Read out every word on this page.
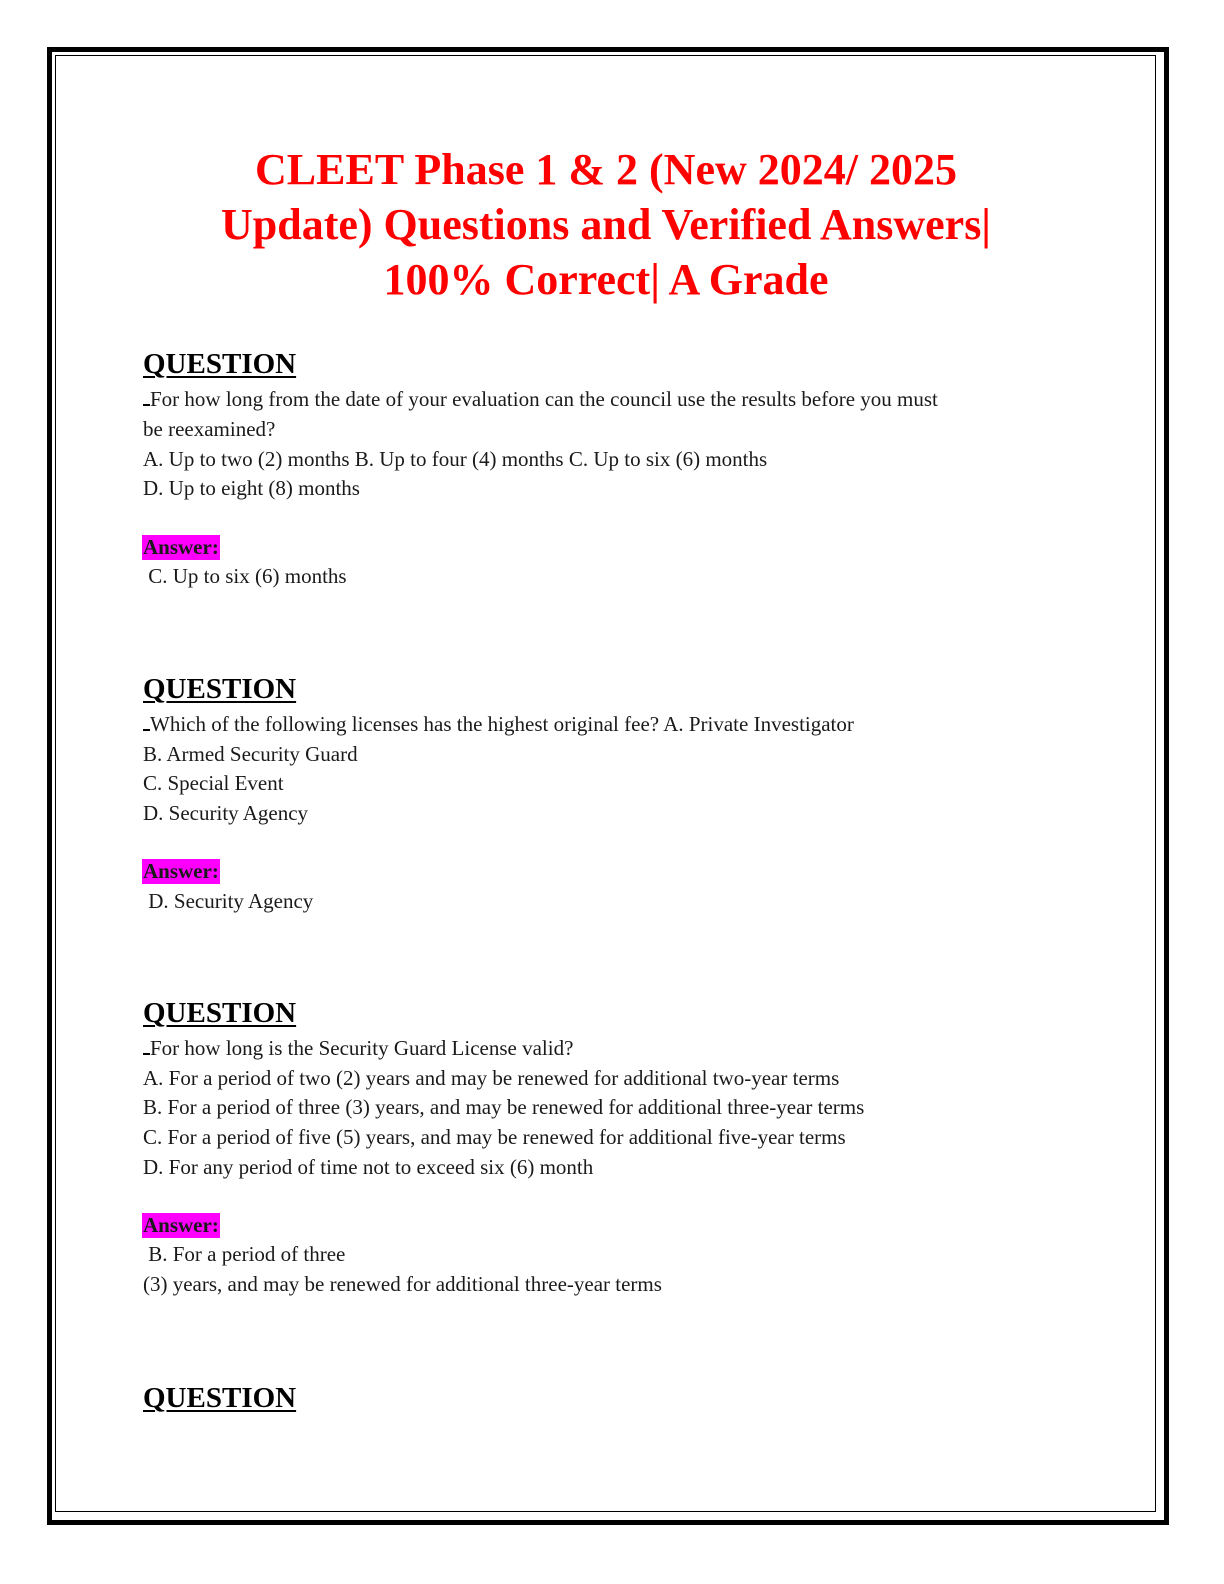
CLEET Phase 1 & 2 (New 2024/ 2025
Update) Questions and Verified Answers|
100% Correct| A Grade
QUESTION
For how long from the date of your evaluation can the council use the results before you must
be reexamined?
A. Up to two (2) months B. Up to four (4) months C. Up to six (6) months
D. Up to eight (8) months
Answer:
C. Up to six (6) months
QUESTION
Which of the following licenses has the highest original fee? A. Private Investigator
B. Armed Security Guard
C. Special Event
D. Security Agency
Answer:
D. Security Agency
QUESTION
For how long is the Security Guard License valid?
A. For a period of two (2) years and may be renewed for additional two-year terms
B. For a period of three (3) years, and may be renewed for additional three-year terms
C. For a period of five (5) years, and may be renewed for additional five-year terms
D. For any period of time not to exceed six (6) month
Answer:
B. For a period of three
(3) years, and may be renewed for additional three-year terms
QUESTION
